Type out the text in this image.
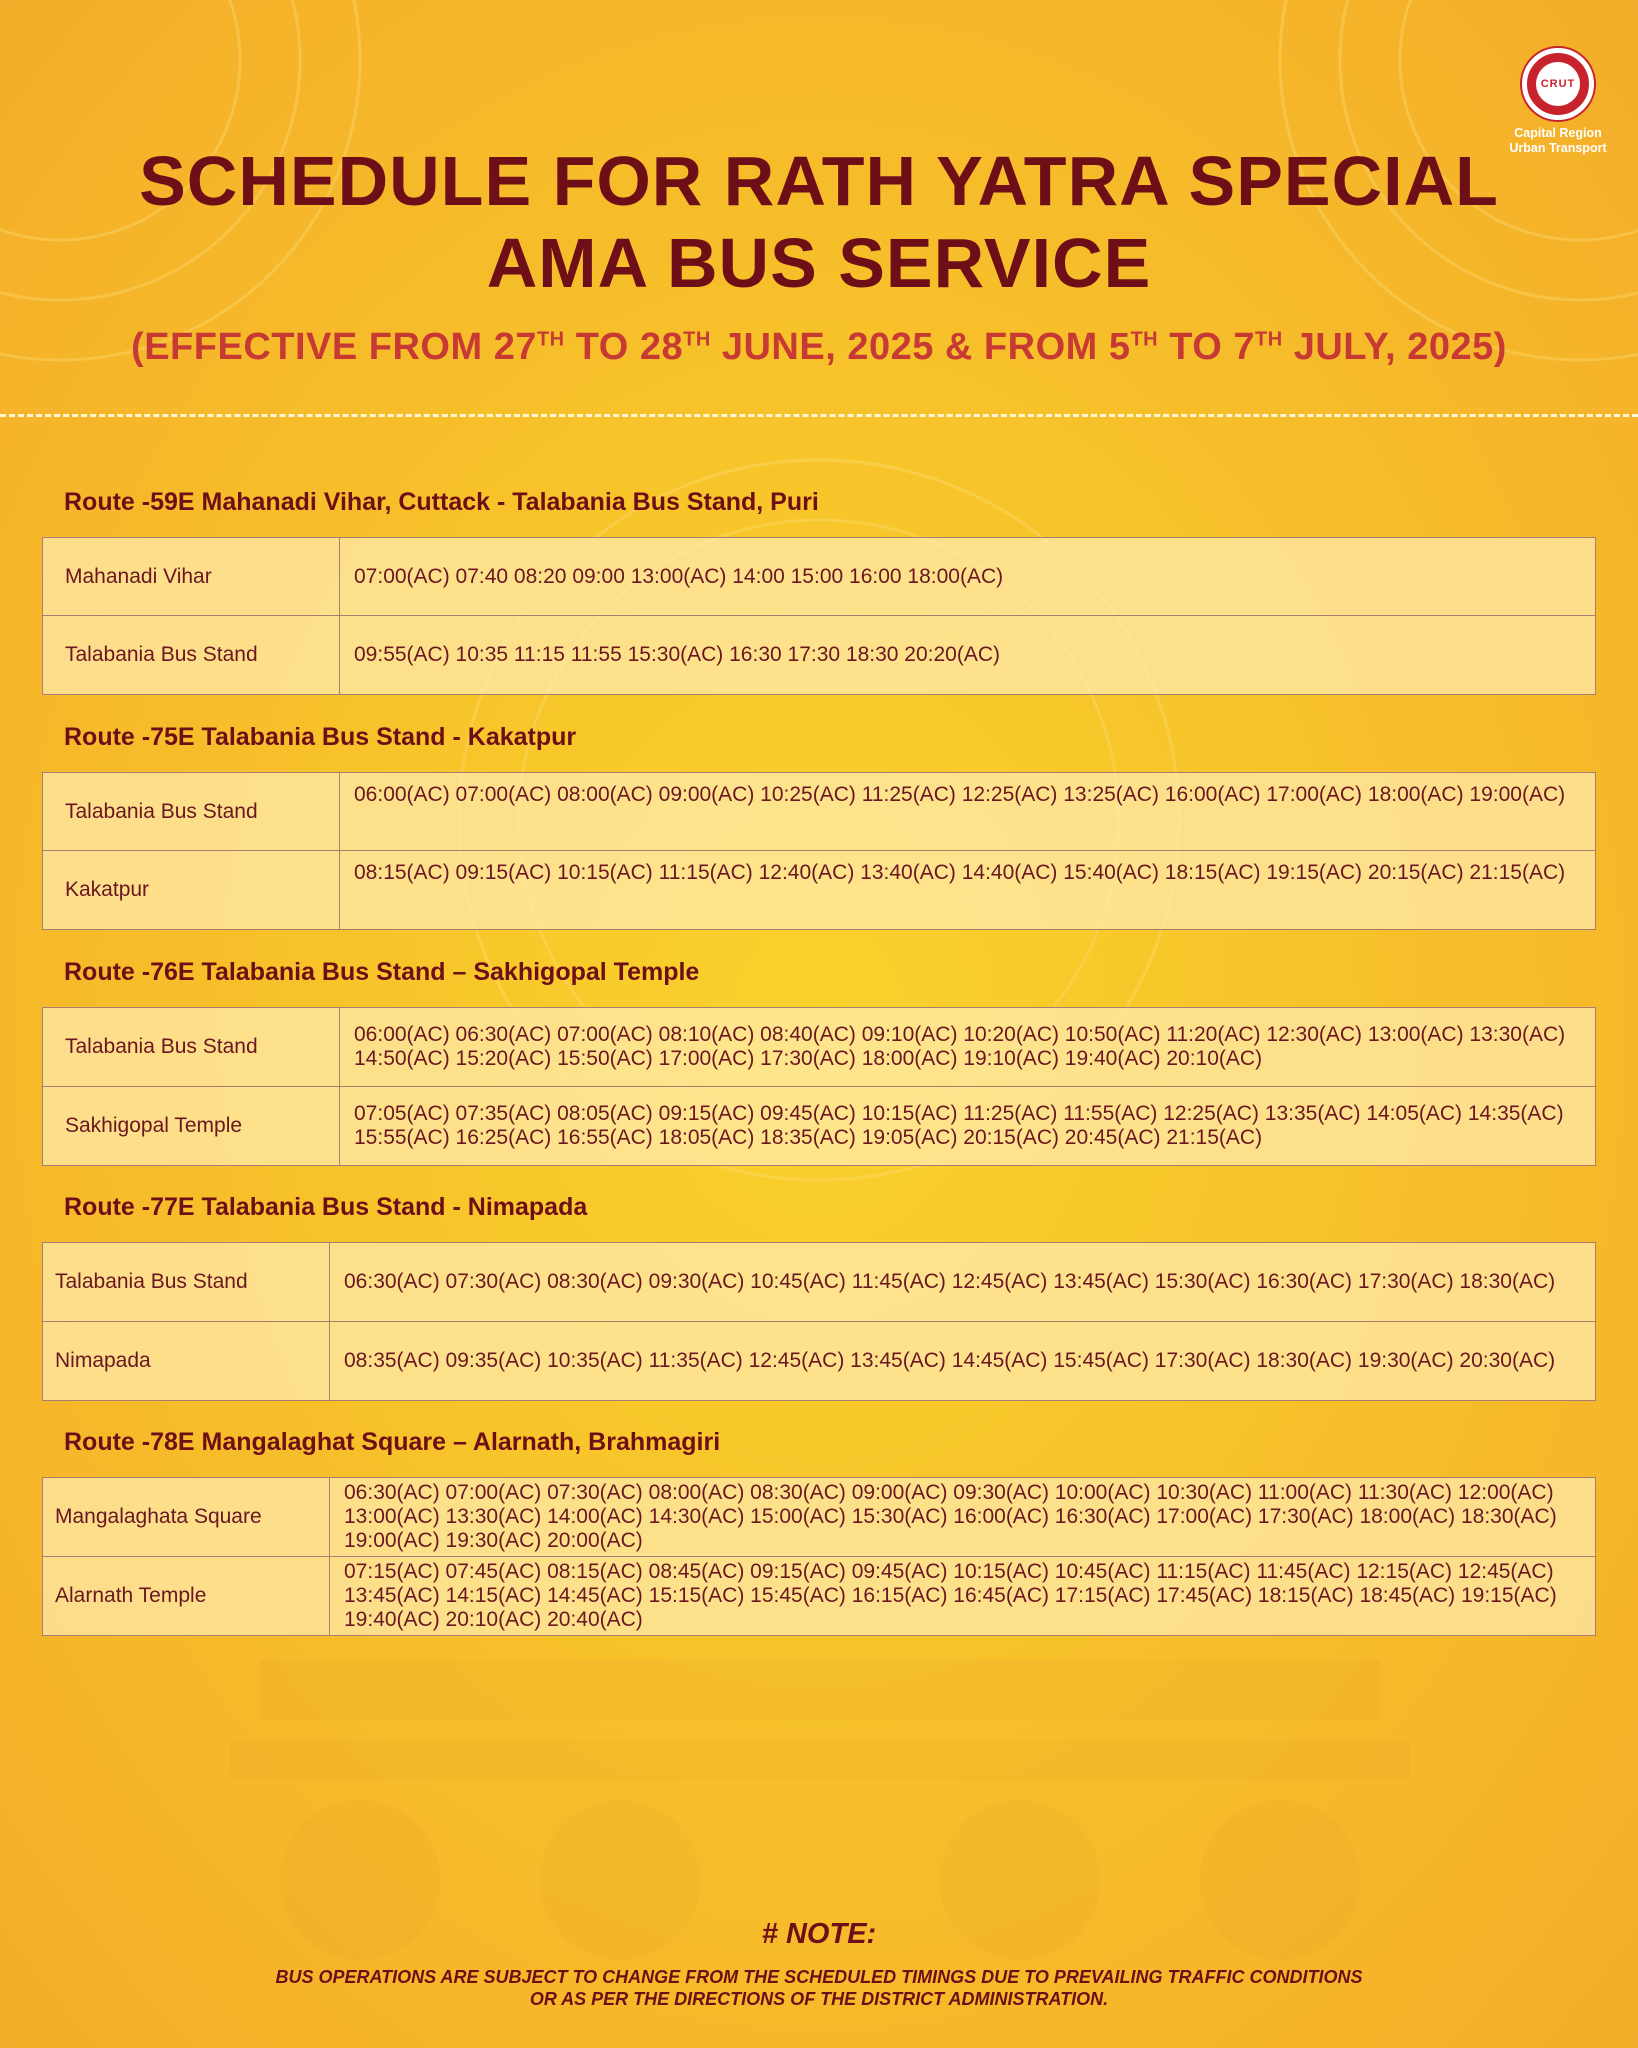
CRUT
Capital Region
Urban Transport
SCHEDULE FOR RATH YATRA SPECIAL
AMA BUS SERVICE
(EFFECTIVE FROM 27TH TO 28TH JUNE, 2025 & FROM 5TH TO 7TH JULY, 2025)
Route -59E Mahanadi Vihar, Cuttack - Talabania Bus Stand, Puri
Mahanadi Vihar	07:00(AC) 07:40 08:20 09:00 13:00(AC) 14:00 15:00 16:00 18:00(AC)
Talabania Bus Stand	09:55(AC) 10:35 11:15 11:55 15:30(AC) 16:30 17:30 18:30 20:20(AC)
Route -75E Talabania Bus Stand - Kakatpur
Talabania Bus Stand	06:00(AC) 07:00(AC) 08:00(AC) 09:00(AC) 10:25(AC) 11:25(AC) 12:25(AC) 13:25(AC) 16:00(AC) 17:00(AC) 18:00(AC) 19:00(AC)
Kakatpur	08:15(AC) 09:15(AC) 10:15(AC) 11:15(AC) 12:40(AC) 13:40(AC) 14:40(AC) 15:40(AC) 18:15(AC) 19:15(AC) 20:15(AC) 21:15(AC)
Route -76E Talabania Bus Stand – Sakhigopal Temple
Talabania Bus Stand	06:00(AC) 06:30(AC) 07:00(AC) 08:10(AC) 08:40(AC) 09:10(AC) 10:20(AC) 10:50(AC) 11:20(AC) 12:30(AC) 13:00(AC) 13:30(AC) 14:50(AC) 15:20(AC) 15:50(AC) 17:00(AC) 17:30(AC) 18:00(AC) 19:10(AC) 19:40(AC) 20:10(AC)
Sakhigopal Temple	07:05(AC) 07:35(AC) 08:05(AC) 09:15(AC) 09:45(AC) 10:15(AC) 11:25(AC) 11:55(AC) 12:25(AC) 13:35(AC) 14:05(AC) 14:35(AC) 15:55(AC) 16:25(AC) 16:55(AC) 18:05(AC) 18:35(AC) 19:05(AC) 20:15(AC) 20:45(AC) 21:15(AC)
Route -77E Talabania Bus Stand - Nimapada
Talabania Bus Stand	06:30(AC) 07:30(AC) 08:30(AC) 09:30(AC) 10:45(AC) 11:45(AC) 12:45(AC) 13:45(AC) 15:30(AC) 16:30(AC) 17:30(AC) 18:30(AC)
Nimapada	08:35(AC) 09:35(AC) 10:35(AC) 11:35(AC) 12:45(AC) 13:45(AC) 14:45(AC) 15:45(AC) 17:30(AC) 18:30(AC) 19:30(AC) 20:30(AC)
Route -78E Mangalaghat Square – Alarnath, Brahmagiri
Mangalaghata Square	06:30(AC) 07:00(AC) 07:30(AC) 08:00(AC) 08:30(AC) 09:00(AC) 09:30(AC) 10:00(AC) 10:30(AC) 11:00(AC) 11:30(AC) 12:00(AC) 13:00(AC) 13:30(AC) 14:00(AC) 14:30(AC) 15:00(AC) 15:30(AC) 16:00(AC) 16:30(AC) 17:00(AC) 17:30(AC) 18:00(AC) 18:30(AC) 19:00(AC) 19:30(AC) 20:00(AC)
Alarnath Temple	07:15(AC) 07:45(AC) 08:15(AC) 08:45(AC) 09:15(AC) 09:45(AC) 10:15(AC) 10:45(AC) 11:15(AC) 11:45(AC) 12:15(AC) 12:45(AC) 13:45(AC) 14:15(AC) 14:45(AC) 15:15(AC) 15:45(AC) 16:15(AC) 16:45(AC) 17:15(AC) 17:45(AC) 18:15(AC) 18:45(AC) 19:15(AC) 19:40(AC) 20:10(AC) 20:40(AC)
# NOTE:
BUS OPERATIONS ARE SUBJECT TO CHANGE FROM THE SCHEDULED TIMINGS DUE TO PREVAILING TRAFFIC CONDITIONS
OR AS PER THE DIRECTIONS OF THE DISTRICT ADMINISTRATION.
